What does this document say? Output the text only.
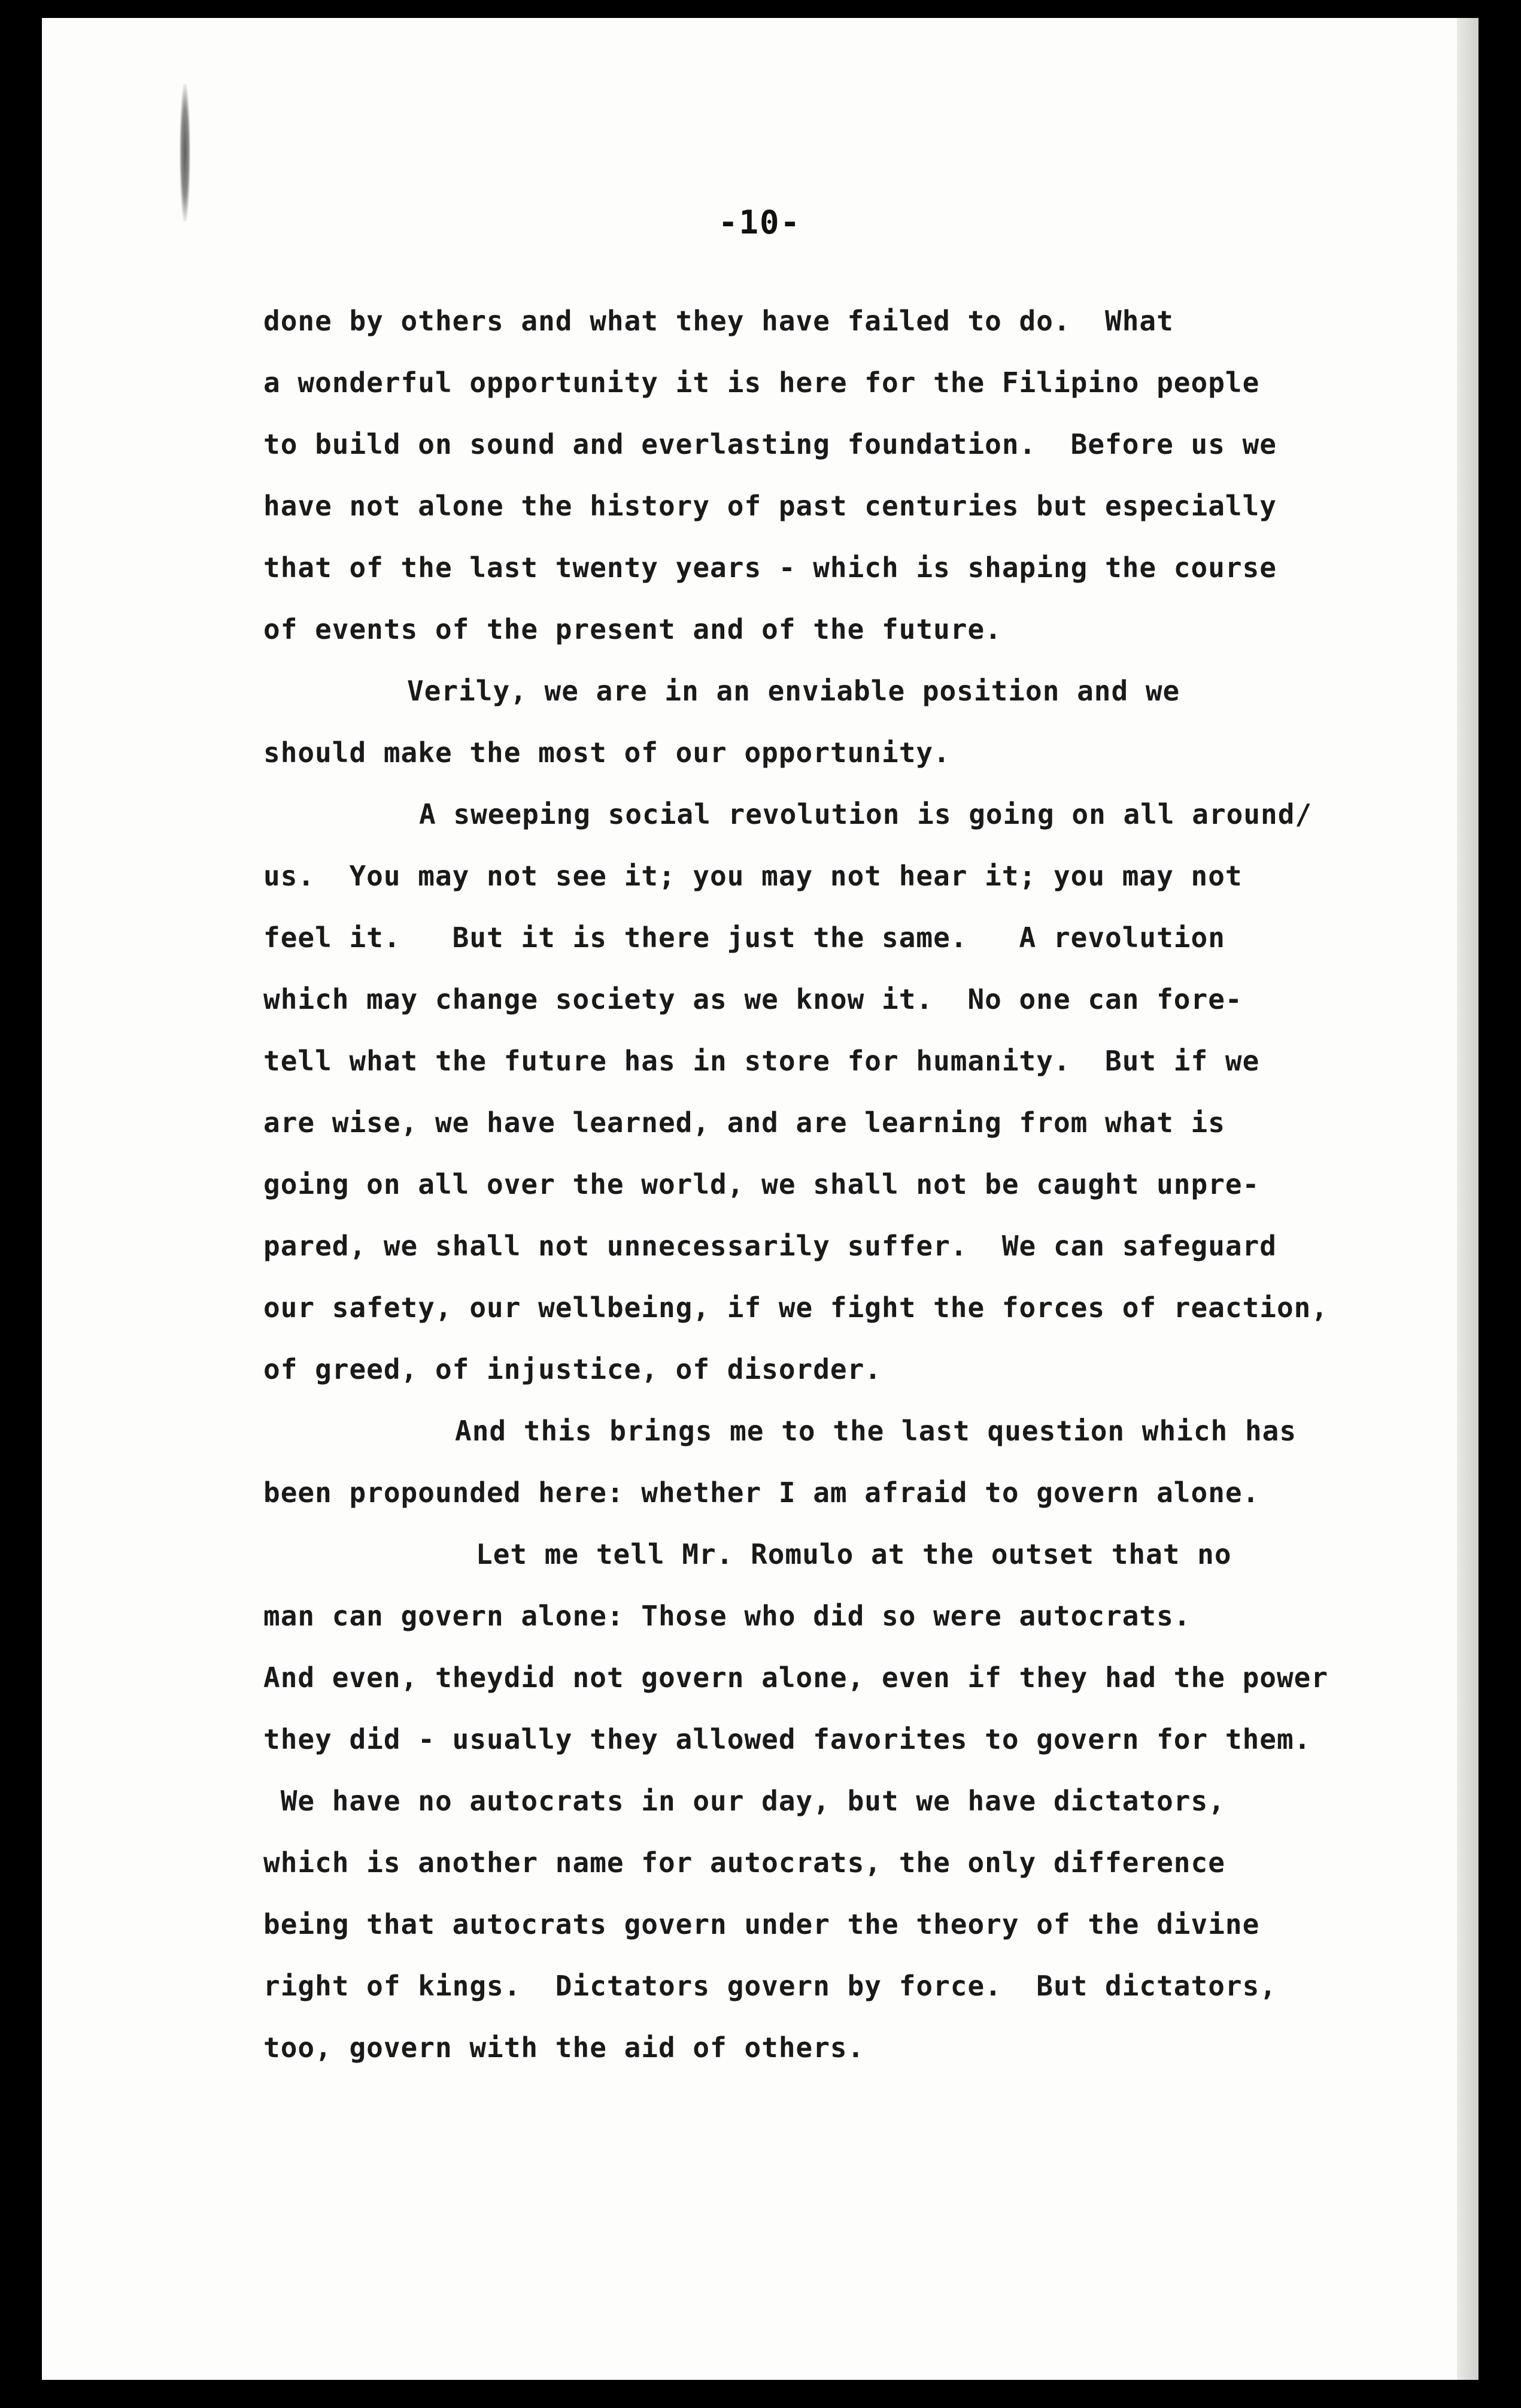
-10-
done by others and what they have failed to do.  What
a wonderful opportunity it is here for the Filipino people
to build on sound and everlasting foundation.  Before us we
have not alone the history of past centuries but especially
that of the last twenty years - which is shaping the course
of events of the present and of the future.
Verily, we are in an enviable position and we
should make the most of our opportunity.
A sweeping social revolution is going on all around/
us.  You may not see it; you may not hear it; you may not
feel it.   But it is there just the same.   A revolution
which may change society as we know it.  No one can fore-
tell what the future has in store for humanity.  But if we
are wise, we have learned, and are learning from what is
going on all over the world, we shall not be caught unpre-
pared, we shall not unnecessarily suffer.  We can safeguard
our safety, our wellbeing, if we fight the forces of reaction,
of greed, of injustice, of disorder.
And this brings me to the last question which has
been propounded here: whether I am afraid to govern alone.
Let me tell Mr. Romulo at the outset that no
man can govern alone: Those who did so were autocrats.
And even, theydid not govern alone, even if they had the power
they did - usually they allowed favorites to govern for them.
We have no autocrats in our day, but we have dictators,
which is another name for autocrats, the only difference
being that autocrats govern under the theory of the divine
right of kings.  Dictators govern by force.  But dictators,
too, govern with the aid of others.
